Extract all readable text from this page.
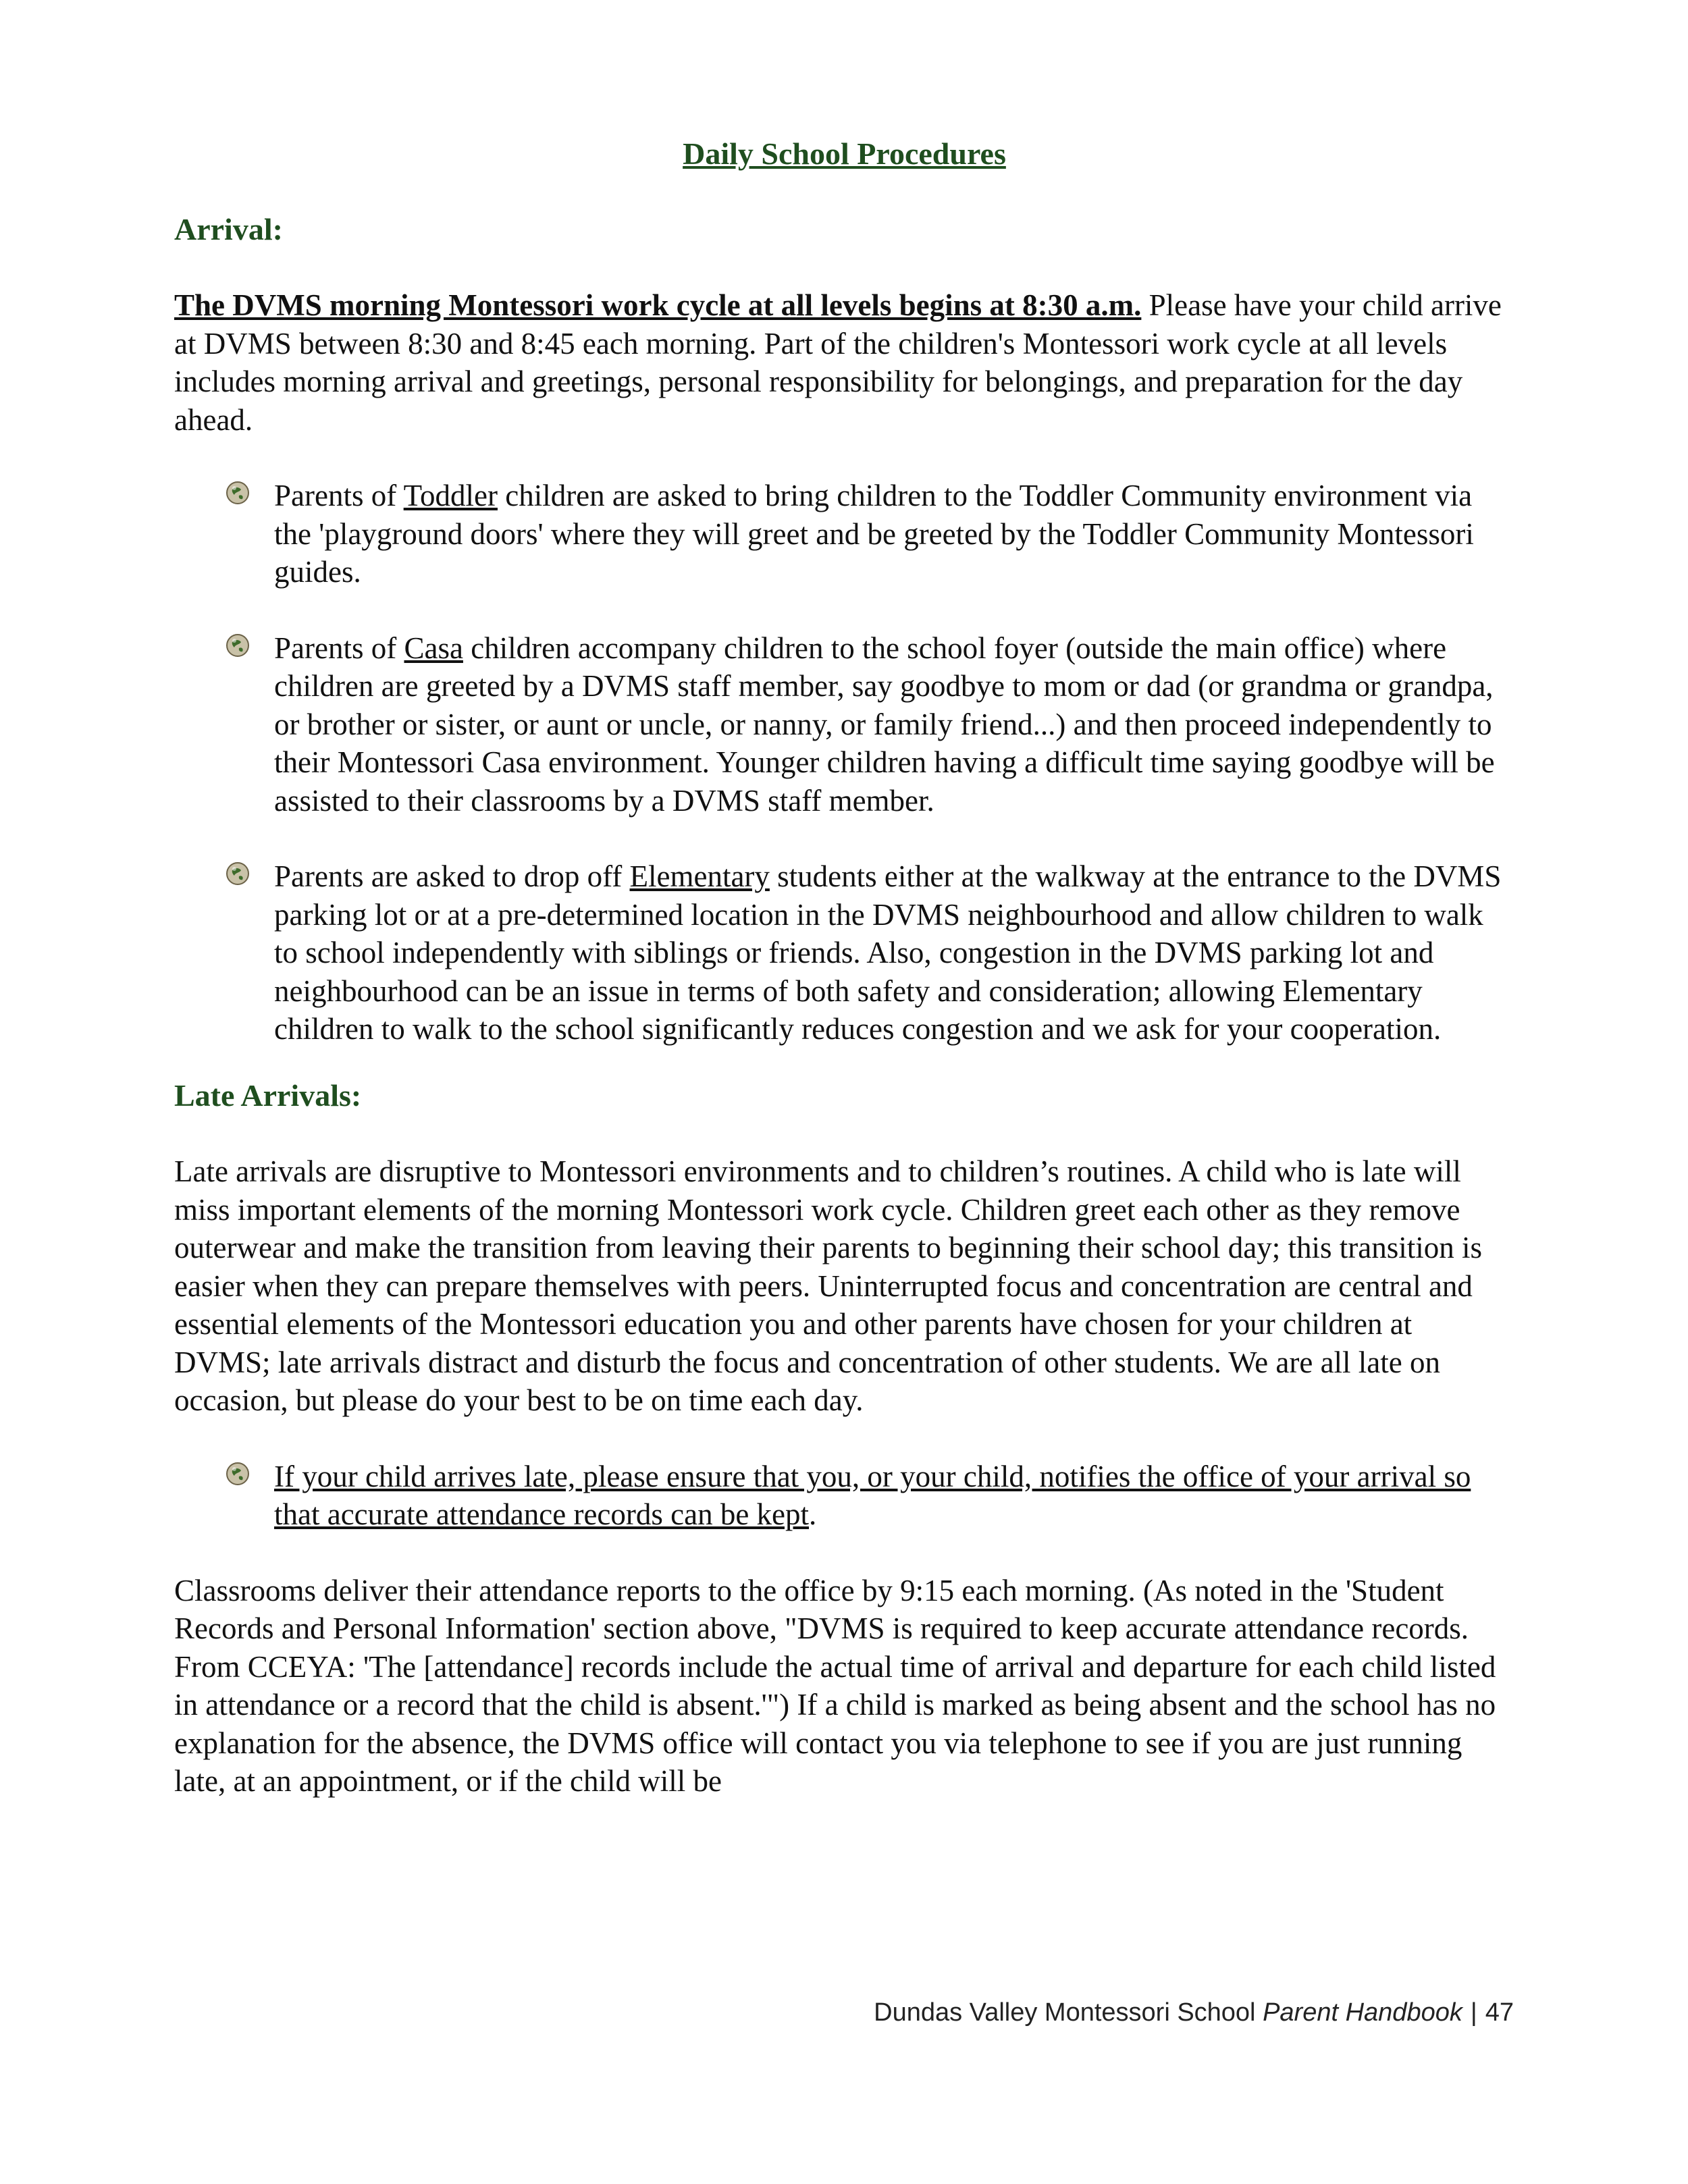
Daily School Procedures
Arrival:

The DVMS morning Montessori work cycle at all levels begins at 8:30 a.m. Please have your child arrive at DVMS between 8:30 and 8:45 each morning. Part of the children's Montessori work cycle at all levels includes morning arrival and greetings, personal responsibility for belongings, and preparation for the day ahead.

Parents of Toddler children are asked to bring children to the Toddler Community environment via the 'playground doors' where they will greet and be greeted by the Toddler Community Montessori guides.
Parents of Casa children accompany children to the school foyer (outside the main office) where children are greeted by a DVMS staff member, say goodbye to mom or dad (or grandma or grandpa, or brother or sister, or aunt or uncle, or nanny, or family friend...) and then proceed independently to their Montessori Casa environment. Younger children having a difficult time saying goodbye will be assisted to their classrooms by a DVMS staff member.
Parents are asked to drop off Elementary students either at the walkway at the entrance to the DVMS parking lot or at a pre-determined location in the DVMS neighbourhood and allow children to walk to school independently with siblings or friends. Also, congestion in the DVMS parking lot and neighbourhood can be an issue in terms of both safety and consideration; allowing Elementary children to walk to the school significantly reduces congestion and we ask for your cooperation.
Late Arrivals:

Late arrivals are disruptive to Montessori environments and to children’s routines. A child who is late will miss important elements of the morning Montessori work cycle. Children greet each other as they remove outerwear and make the transition from leaving their parents to beginning their school day; this transition is easier when they can prepare themselves with peers. Uninterrupted focus and concentration are central and essential elements of the Montessori education you and other parents have chosen for your children at DVMS; late arrivals distract and disturb the focus and concentration of other students. We are all late on occasion, but please do your best to be on time each day.

If your child arrives late, please ensure that you, or your child, notifies the office of your arrival so that accurate attendance records can be kept.

Classrooms deliver their attendance reports to the office by 9:15 each morning. (As noted in the 'Student Records and Personal Information' section above, "DVMS is required to keep accurate attendance records. From CCEYA: 'The [attendance] records include the actual time of arrival and departure for each child listed in attendance or a record that the child is absent.'") If a child is marked as being absent and the school has no explanation for the absence, the DVMS office will contact you via telephone to see if you are just running late, at an appointment, or if the child will be

Dundas Valley Montessori School Parent Handbook | 47
